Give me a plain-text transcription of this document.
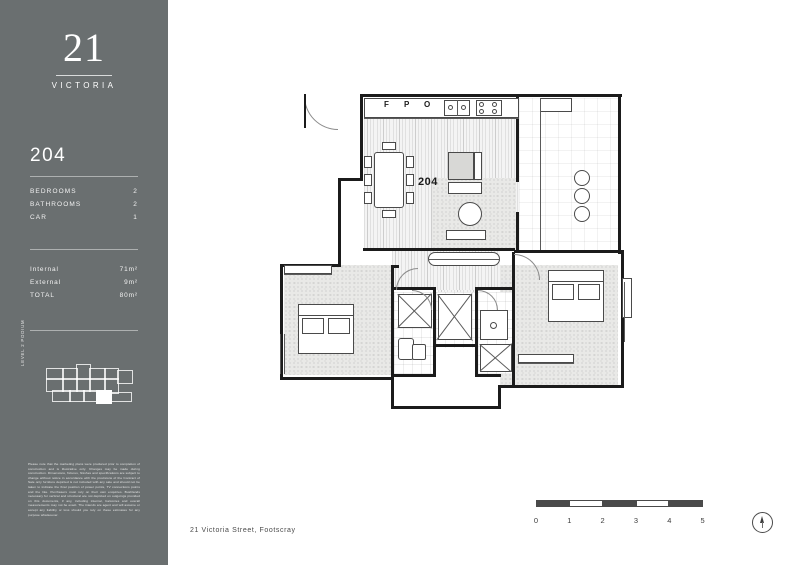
21
VICTORIA
204
BEDROOMS	2
BATHROOMS	2
CAR	1
Internal	71m²
External	9m²
TOTAL	80m²
LEVEL 2 PODIUM
Please note that the marketing plans were produced prior to completion of construction and is illustrative only. Changes may be made during construction. Dimensions, fixtures, finishes and specifications are subject to change without notice in accordance with the provisions of the Contract of Sale only furniture depicted is not included with any sale and should not be taken to indicate the final position of power points, TV connections points and the like. Purchasers must rely on their own enquiries. Bushlands necessary for vertical and structural are not depicted on outgoings provided on this documents, if any, including internal, balconies and overall measurements may not be exact. The intends are agent and will assume or accept any liability or loss should you rely on these estimates for any purpose whatsoever.
21 Victoria Street, Footscray
0	1	2	3	4	5
F P O
204
